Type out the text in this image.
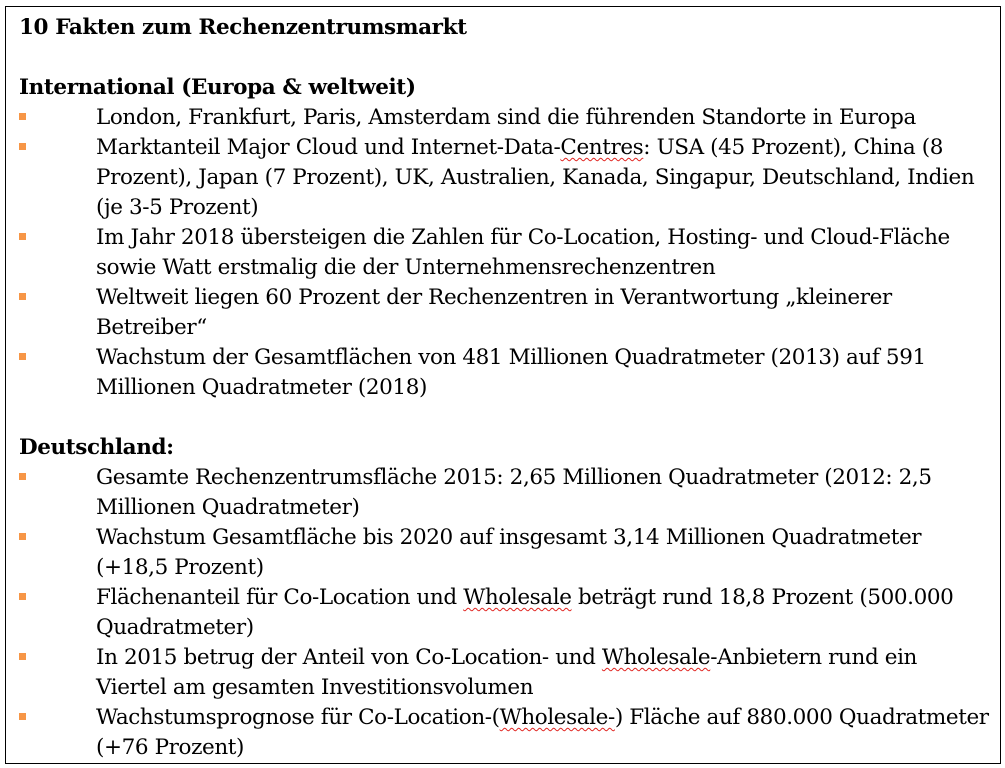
10 Fakten zum Rechenzentrumsmarkt
International (Europa & weltweit)
London, Frankfurt, Paris, Amsterdam sind die führenden Standorte in Europa
Marktanteil Major Cloud und Internet-Data-Centres: USA (45 Prozent), China (8 Prozent), Japan (7 Prozent), UK, Australien, Kanada, Singapur, Deutschland, Indien (je 3-5 Prozent)
Im Jahr 2018 übersteigen die Zahlen für Co-Location, Hosting- und Cloud-Fläche sowie Watt erstmalig die der Unternehmensrechenzentren
Weltweit liegen 60 Prozent der Rechenzentren in Verantwortung „kleinerer Betreiber“
Wachstum der Gesamtflächen von 481 Millionen Quadratmeter (2013) auf 591 Millionen Quadratmeter (2018)
Deutschland:
Gesamte Rechenzentrumsfläche 2015: 2,65 Millionen Quadratmeter (2012: 2,5 Millionen Quadratmeter)
Wachstum Gesamtfläche bis 2020 auf insgesamt 3,14 Millionen Quadratmeter (+18,5 Prozent)
Flächenanteil für Co-Location und Wholesale beträgt rund 18,8 Prozent (500.000 Quadratmeter)
In 2015 betrug der Anteil von Co-Location- und Wholesale-Anbietern rund ein Viertel am gesamten Investitionsvolumen
Wachstumsprognose für Co-Location-(Wholesale-) Fläche auf 880.000 Quadratmeter (+76 Prozent)
